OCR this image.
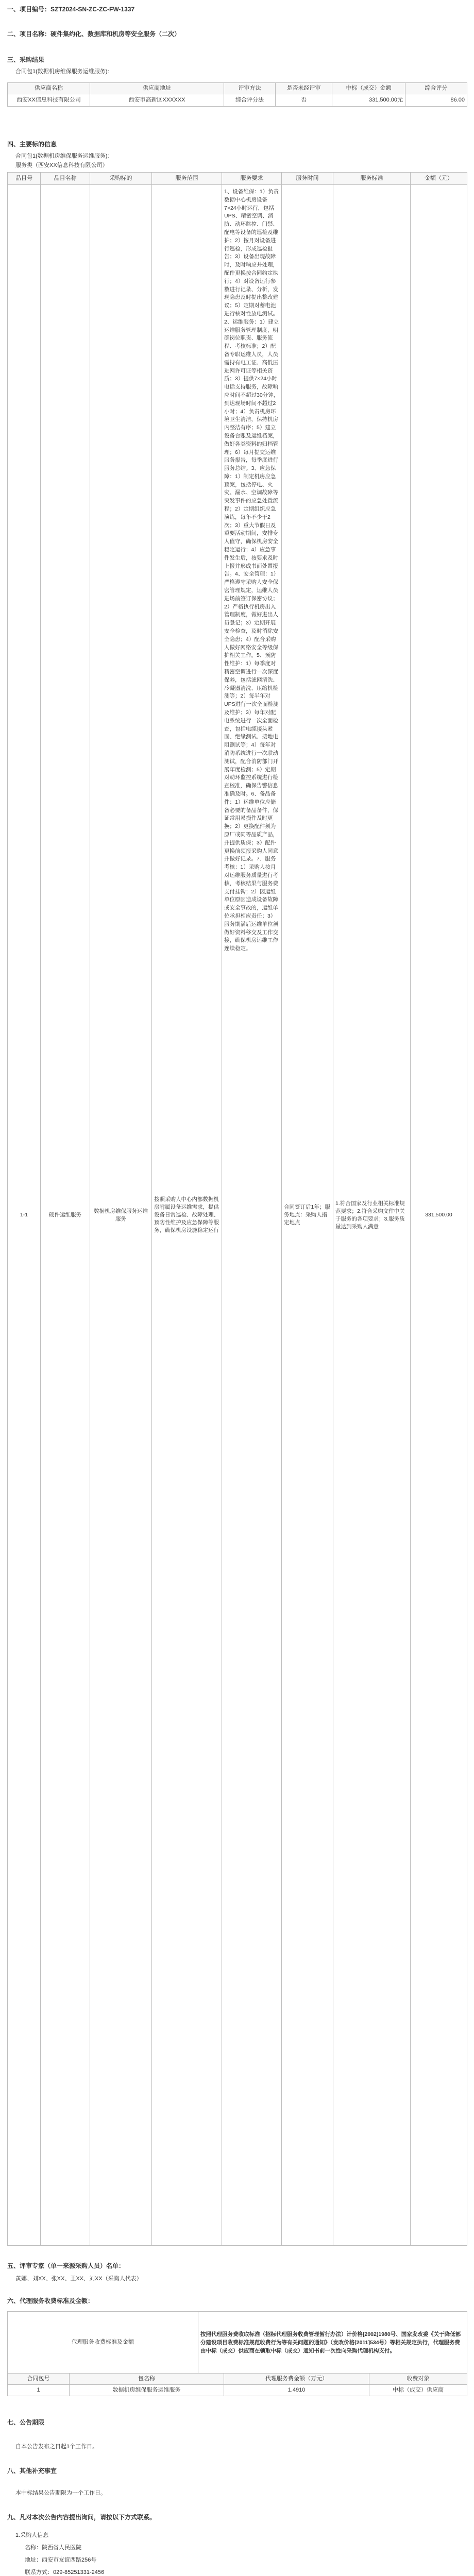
一、项目编号：SZT2024-SN-ZC-ZC-FW-1337

二、项目名称：硬件集约化、数据库和机房等安全服务（二次）

三、采购结果

合同包1(数据机房维保服务运维服务):

供应商名称	供应商地址	评审方法	是否未经评审	中标（成交）金额	综合评分
西安XX信息科技有限公司	西安市高新区XXXXXX	综合评分法	否	331,500.00元	86.00

四、主要标的信息

合同包1(数据机房维保服务运维服务):

服务类（西安XX信息科技有限公司）

品目号	品目名称	采购标的	服务范围	服务要求	服务时间	服务标准	金额（元）
1-1	硬件运维服务	数据机房维保服务运维服务	按照采购人中心内部数据机房附属设备运维需求，提供设备日常巡检、故障处理、预防性维护及应急保障等服务，确保机房设施稳定运行	1、设备维保：1）负责数据中心机房设备7×24小时运行，包括UPS、精密空调、消防、动环监控、门禁、配电等设备的巡检及维护；2）按月对设备进行巡检，形成巡检报告；3）设备出现故障时，及时响应并处理，配件更换按合同约定执行；4）对设备运行参数进行记录、分析，发现隐患及时提出整改建议；5）定期对蓄电池进行核对性放电测试。2、运维服务：1）建立运维服务管理制度，明确岗位职责、服务流程、考核标准；2）配备专职运维人员，人员需持有电工证、高低压进网许可证等相关资质；3）提供7×24小时电话支持服务，故障响应时间不超过30分钟，到达现场时间不超过2小时；4）负责机房环境卫生清洁，保持机房内整洁有序；5）建立设备台账及运维档案，做好各类资料的归档管理；6）每月提交运维服务报告，每季度进行服务总结。3、应急保障：1）制定机房应急预案，包括停电、火灾、漏水、空调故障等突发事件的应急处置流程；2）定期组织应急演练，每年不少于2次；3）重大节假日及重要活动期间，安排专人值守，确保机房安全稳定运行；4）应急事件发生后，按要求及时上报并形成书面处置报告。4、安全管理：1）严格遵守采购人安全保密管理规定，运维人员进场前签订保密协议；2）严格执行机房出入管理制度，做好进出人员登记；3）定期开展安全检查，及时消除安全隐患；4）配合采购人做好网络安全等级保护相关工作。5、预防性维护：1）每季度对精密空调进行一次深度保养，包括滤网清洗、冷凝器清洗、压缩机检测等；2）每半年对UPS进行一次全面检测及维护；3）每年对配电系统进行一次全面检查，包括电缆接头紧固、绝缘测试、接地电阻测试等；4）每年对消防系统进行一次联动测试，配合消防部门开展年度检测；5）定期对动环监控系统进行检查校准，确保告警信息准确及时。6、备品备件：1）运维单位应储备必要的备品备件，保证常用易损件及时更换；2）更换配件须为原厂或同等品质产品，并提供质保；3）配件更换前须报采购人同意并做好记录。7、服务考核：1）采购人按月对运维服务质量进行考核，考核结果与服务费支付挂钩；2）因运维单位原因造成设备故障或安全事故的，运维单位承担相应责任；3）服务期满后运维单位须做好资料移交及工作交接，确保机房运维工作连续稳定。	合同签订后1年；服务地点：采购人指定地点	1.符合国家及行业相关标准规范要求；2.符合采购文件中关于服务的各项要求；3.服务质量达到采购人满意	331,500.00

五、评审专家（单一来源采购人员）名单：

黄娜、刘XX、张XX、王XX、刘XX（采购人代表）

六、代理服务收费标准及金额：

代理服务收费标准及金额	按照代理服务费收取标准（招标代理服务收费管理暂行办法）计价格[2002]1980号、国家发改委《关于降低部分建设项目收费标准规范收费行为等有关问题的通知》（发改价格[2011]534号）等相关规定执行，代理服务费由中标（成交）供应商在领取中标（成交）通知书前一次性向采购代理机构支付。
合同包号	包名称	代理服务费金额（万元）	收费对象
1	数据机房维保服务运维服务	1.4910	中标（成交）供应商

七、公告期限

自本公告发布之日起1个工作日。

八、其他补充事宜

本中标结果公告期限为一个工作日。

九、凡对本次公告内容提出询问，请按以下方式联系。

1.采购人信息

名称：陕西省人民医院

地址：西安市友谊西路256号

联系方式：029-85251331-2456
